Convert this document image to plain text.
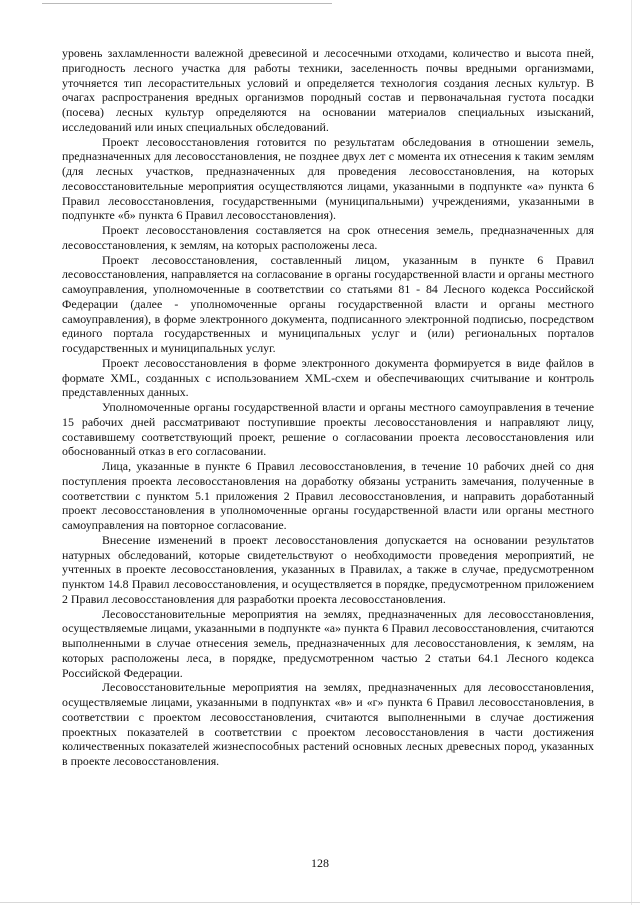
уровень захламленности валежной древесиной и лесосечными отходами, количество и высота пней, пригодность лесного участка для работы техники, заселенность почвы вредными организмами, уточняется тип лесорастительных условий и определяется технология создания лесных культур. В очагах распространения вредных организмов породный состав и первоначальная густота посадки (посева) лесных культур определяются на основании материалов специальных изысканий, исследований или иных специальных обследований.

Проект лесовосстановления готовится по результатам обследования в отношении земель, предназначенных для лесовосстановления, не позднее двух лет с момента их отнесения к таким землям (для лесных участков, предназначенных для проведения лесовосстановления, на которых лесовосстановительные мероприятия осуществляются лицами, указанными в подпункте «а» пункта 6 Правил лесовосстановления, государственными (муниципальными) учреждениями, указанными в подпункте «б» пункта 6 Правил лесовосстановления).

Проект лесовосстановления составляется на срок отнесения земель, предназначенных для лесовосстановления, к землям, на которых расположены леса.

Проект лесовосстановления, составленный лицом, указанным в пункте 6 Правил лесовосстановления, направляется на согласование в органы государственной власти и органы местного самоуправления, уполномоченные в соответствии со статьями 81 - 84 Лесного кодекса Российской Федерации (далее - уполномоченные органы государственной власти и органы местного самоуправления), в форме электронного документа, подписанного электронной подписью, посредством единого портала государственных и муниципальных услуг и (или) региональных порталов государственных и муниципальных услуг.

Проект лесовосстановления в форме электронного документа формируется в виде файлов в формате XML, созданных с использованием XML-схем и обеспечивающих считывание и контроль представленных данных.

Уполномоченные органы государственной власти и органы местного самоуправления в течение 15 рабочих дней рассматривают поступившие проекты лесовосстановления и направляют лицу, составившему соответствующий проект, решение о согласовании проекта лесовосстановления или обоснованный отказ в его согласовании.

Лица, указанные в пункте 6 Правил лесовосстановления, в течение 10 рабочих дней со дня поступления проекта лесовосстановления на доработку обязаны устранить замечания, полученные в соответствии с пунктом 5.1 приложения 2 Правил лесовосстановления, и направить доработанный проект лесовосстановления в уполномоченные органы государственной власти или органы местного самоуправления на повторное согласование.

Внесение изменений в проект лесовосстановления допускается на основании результатов натурных обследований, которые свидетельствуют о необходимости проведения мероприятий, не учтенных в проекте лесовосстановления, указанных в Правилах, а также в случае, предусмотренном пунктом 14.8 Правил лесовосстановления, и осуществляется в порядке, предусмотренном приложением 2 Правил лесовосстановления для разработки проекта лесовосстановления.

Лесовосстановительные мероприятия на землях, предназначенных для лесовосстановления, осуществляемые лицами, указанными в подпункте «а» пункта 6 Правил лесовосстановления, считаются выполненными в случае отнесения земель, предназначенных для лесовосстановления, к землям, на которых расположены леса, в порядке, предусмотренном частью 2 статьи 64.1 Лесного кодекса Российской Федерации.

Лесовосстановительные мероприятия на землях, предназначенных для лесовосстановления, осуществляемые лицами, указанными в подпунктах «в» и «г» пункта 6 Правил лесовосстановления, в соответствии с проектом лесовосстановления, считаются выполненными в случае достижения проектных показателей в соответствии с проектом лесовосстановления в части достижения количественных показателей жизнеспособных растений основных лесных древесных пород, указанных в проекте лесовосстановления.

128
